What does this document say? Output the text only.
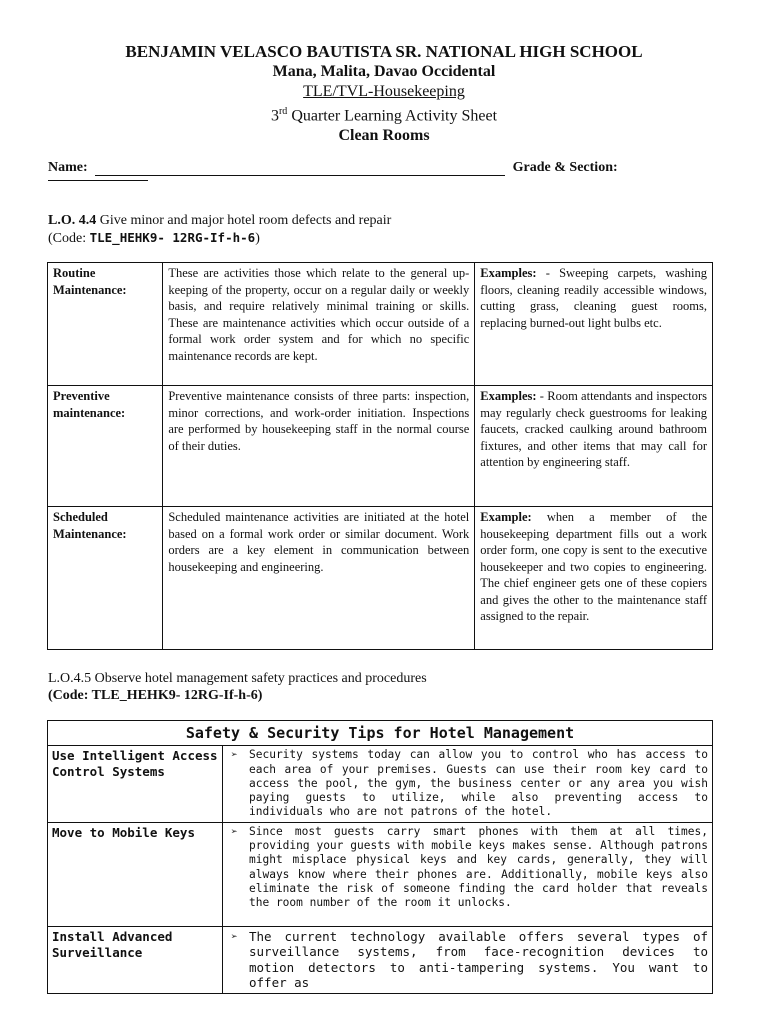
BENJAMIN VELASCO BAUTISTA SR. NATIONAL HIGH SCHOOL
Mana, Malita, Davao Occidental
TLE/TVL-Housekeeping
3rd Quarter Learning Activity Sheet
Clean Rooms
Name:	Grade & Section:
L.O. 4.4 Give minor and major hotel room defects and repair
(Code: TLE_HEHK9- 12RG-If-h-6)
Routine Maintenance:	These are activities those which relate to the general up-keeping of the property, occur on a regular daily or weekly basis, and require relatively minimal training or skills. These are maintenance activities which occur outside of a formal work order system and for which no specific maintenance records are kept.	Examples: - Sweeping carpets, washing floors, cleaning readily accessible windows, cutting grass, cleaning guest rooms, replacing burned-out light bulbs etc.
Preventive maintenance:	Preventive maintenance consists of three parts: inspection, minor corrections, and work-order initiation. Inspections are performed by housekeeping staff in the normal course of their duties.	Examples: - Room attendants and inspectors may regularly check guestrooms for leaking faucets, cracked caulking around bathroom fixtures, and other items that may call for attention by engineering staff.
Scheduled Maintenance:	Scheduled maintenance activities are initiated at the hotel based on a formal work order or similar document. Work orders are a key element in communication between housekeeping and engineering.	Example: when a member of the housekeeping department fills out a work order form, one copy is sent to the executive housekeeper and two copies to engineering. The chief engineer gets one of these copiers and gives the other to the maintenance staff assigned to the repair.
L.O.4.5 Observe hotel management safety practices and procedures
(Code: TLE_HEHK9- 12RG-If-h-6)
Safety & Security Tips for Hotel Management	
Use Intelligent Access Control Systems	➢ Security systems today can allow you to control who has access to each area of your premises. Guests can use their room key card to access the pool, the gym, the business center or any area you wish paying guests to utilize, while also preventing access to individuals who are not patrons of the hotel.
Move to Mobile Keys	➢ Since most guests carry smart phones with them at all times, providing your guests with mobile keys makes sense. Although patrons might misplace physical keys and key cards, generally, they will always know where their phones are. Additionally, mobile keys also eliminate the risk of someone finding the card holder that reveals the room number of the room it unlocks.
Install Advanced Surveillance	➢ The current technology available offers several types of surveillance systems, from face-recognition devices to motion detectors to anti-tampering systems. You want to offer as
